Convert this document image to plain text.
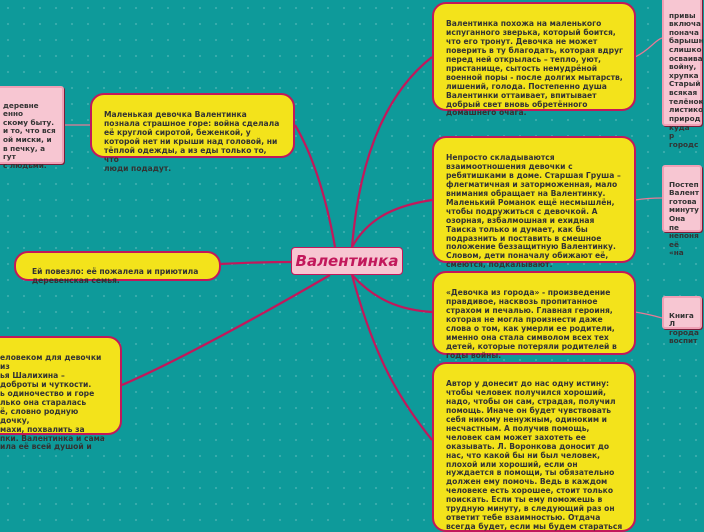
Валентинка

Валентинка похожа на маленького
испуганного зверька, который боится,
что его тронут. Девочка не может
поверить в ту благодать, которая вдруг
перед ней открылась – тепло, уют,
пристанище, сытость немудрёной
военной поры - после долгих мытарств,
лишений, голода. Постепенно душа
Валентинки оттаивает, впитывает
добрый свет вновь обретённого
домашнего очага.

Непросто складываются
взаимоотношения девочки с
ребятишками в доме. Старшая Груша –
флегматичная и заторможенная, мало
внимания обращает на Валентинку.
Маленький Романок ещё несмышлён,
чтобы подружиться с девочкой. А
озорная, взбалмошная и ехидная
Таиска только и думает, как бы
подразнить и поставить в смешное
положение беззащитную Валентинку.
Словом, дети поначалу обижают её,
смеются, подкалывают.

«Девочка из города» - произведение
правдивое, насквозь пропитанное
страхом и печалью. Главная героиня,
которая не могла произнести даже
слова о том, как умерли ее родители,
именно она стала символом всех тех
детей, которые потеряли родителей в
годы войны.

Автор у донесит до нас одну истину:
чтобы человек получился хороший,
надо, чтобы он сам, страдая, получил
помощь. Иначе он будет чувствовать
себя никому ненужным, одиноким и
несчастным. А получив помощь,
человек сам может захотеть ее
оказывать. Л. Воронкова доносит до
нас, что какой бы ни был человек,
плохой или хороший, если он
нуждается в помощи, ты обязательно
должен ему помочь. Ведь в каждом
человеке есть хорошее, стоит только
поискать. Если ты ему поможешь в
трудную минуту, в следующий раз он
ответит тебе взаимностью. Отдача
всегда будет, если мы будем стараться

привы
включа
понача
барышн
слишко
осваива
войну,
хрупка
Старый
всякая
телёнок
листико
природ
куда р
городс

Постеп
Валент
готова
минуту
Она пе
непоня
её «на

Книга Л
города
воспит

Маленькая девочка Валентинка
познала страшное горе: война сделала
её круглой сиротой, беженкой, у
которой нет ни крыши над головой, ни
тёплой одежды, а из еды только то, что
люди подадут.

Ей повезло: её пожалела и приютила
деревенская семья.

еловеком для девочки из
ья Шалихина –
доброты и чуткости.
ь одиночество и горе
лько она старалась
ё, словно родную дочку,
махи, похвалить за
пки. Валентинка и сама
ила её всей душой и

деревне
енно
скому быту.
и то, что вся
ой миски, и
в печку, а
гут
с людьми.
